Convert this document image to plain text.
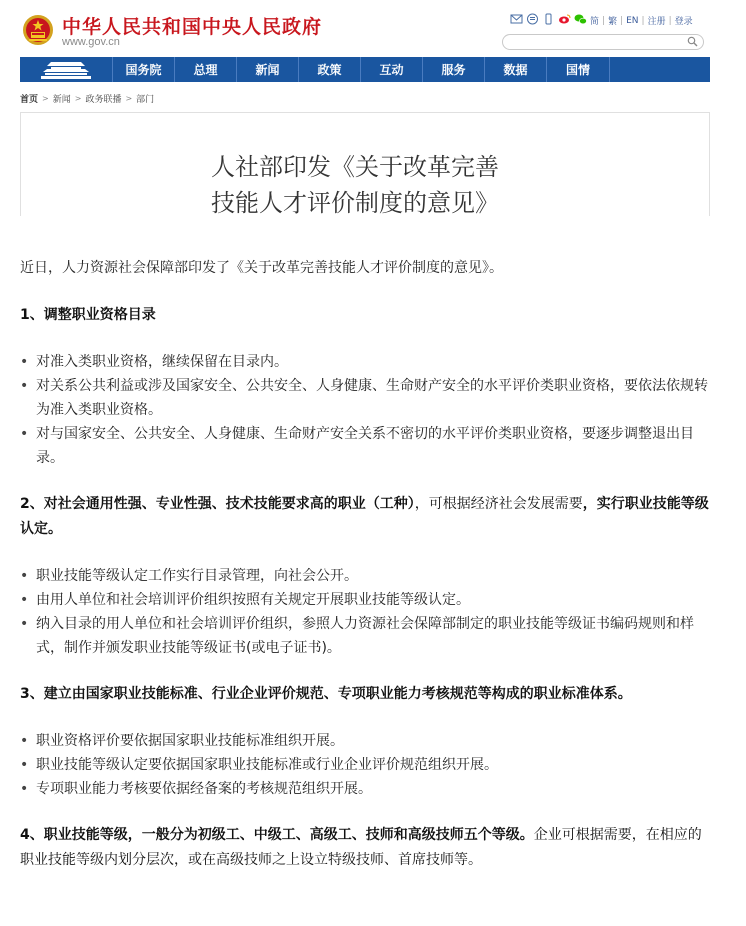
中华人民共和国中央人民政府
www.gov.cn
简 | 繁 | EN | 注册 | 登录
国务院	总理	新闻	政策	互动	服务	数据	国情
首页 > 新闻 > 政务联播 > 部门
人社部印发《关于改革完善
技能人才评价制度的意见》
近日，人力资源社会保障部印发了《关于改革完善技能人才评价制度的意见》。
1、调整职业资格目录
• 对准入类职业资格，继续保留在目录内。
• 对关系公共利益或涉及国家安全、公共安全、人身健康、生命财产安全的水平评价类职业资格，要依法依规转为准入类职业资格。
• 对与国家安全、公共安全、人身健康、生命财产安全关系不密切的水平评价类职业资格，要逐步调整退出目录。
2、对社会通用性强、专业性强、技术技能要求高的职业（工种），可根据经济社会发展需要，实行职业技能等级认定。
• 职业技能等级认定工作实行目录管理，向社会公开。
• 由用人单位和社会培训评价组织按照有关规定开展职业技能等级认定。
• 纳入目录的用人单位和社会培训评价组织，参照人力资源社会保障部制定的职业技能等级证书编码规则和样式，制作并颁发职业技能等级证书(或电子证书)。
3、建立由国家职业技能标准、行业企业评价规范、专项职业能力考核规范等构成的职业标准体系。
• 职业资格评价要依据国家职业技能标准组织开展。
• 职业技能等级认定要依据国家职业技能标准或行业企业评价规范组织开展。
• 专项职业能力考核要依据经备案的考核规范组织开展。
4、职业技能等级，一般分为初级工、中级工、高级工、技师和高级技师五个等级。企业可根据需要，在相应的职业技能等级内划分层次，或在高级技师之上设立特级技师、首席技师等。
